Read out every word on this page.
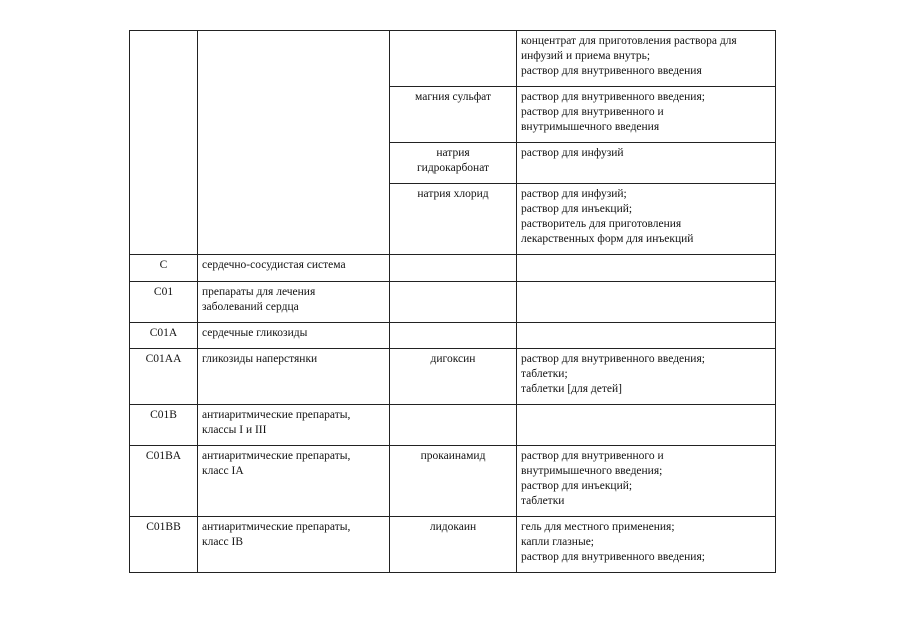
			концентрат для приготовления раствора для
инфузий и приема внутрь;
раствор для внутривенного введения

		магния сульфат	раствор для внутривенного введения;
раствор для внутривенного и
внутримышечного введения

		натрия
гидрокарбонат	раствор для инфузий

		натрия хлорид	раствор для инфузий;
раствор для инъекций;
растворитель для приготовления
лекарственных форм для инъекций

C	сердечно-сосудистая система		

C01	препараты для лечения
заболеваний сердца		

C01A	сердечные гликозиды		

C01AA	гликозиды наперстянки	дигоксин	раствор для внутривенного введения;
таблетки;
таблетки [для детей]

C01B	антиаритмические препараты,
классы I и III		

C01BA	антиаритмические препараты,
класс IA	прокаинамид	раствор для внутривенного и
внутримышечного введения;
раствор для инъекций;
таблетки

C01BB	антиаритмические препараты,
класс IB	лидокаин	гель для местного применения;
капли глазные;
раствор для внутривенного введения;
